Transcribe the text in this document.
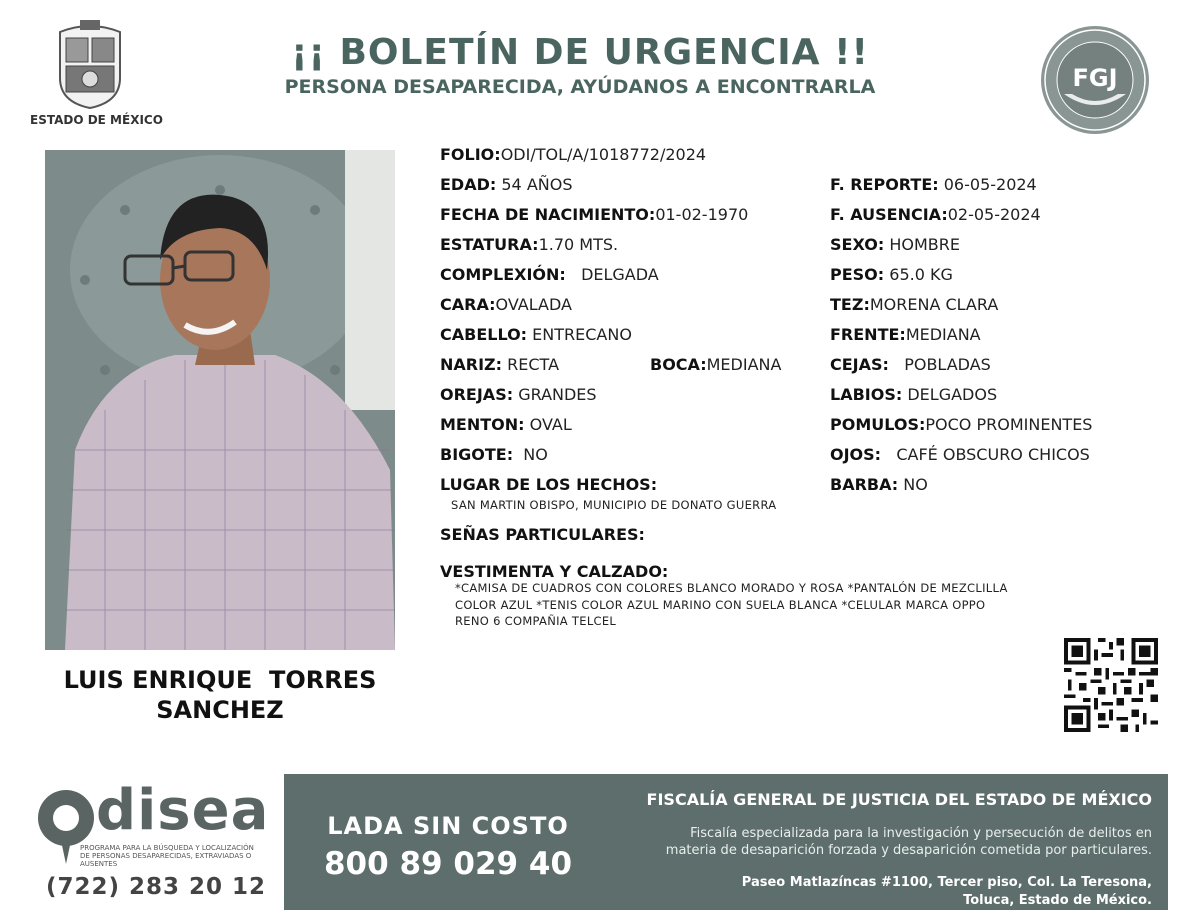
ESTADO DE MÉXICO
¡¡ BOLETÍN DE URGENCIA !!
PERSONA DESAPARECIDA, AYÚDANOS A ENCONTRARLA	FGJ
LUIS ENRIQUE  TORRES
SANCHEZ
FOLIO:ODI/TOL/A/1018772/2024
EDAD: 54 AÑOS	F. REPORTE: 06-05-2024
FECHA DE NACIMIENTO:01-02-1970	F. AUSENCIA:02-05-2024
ESTATURA:1.70 MTS.	SEXO: HOMBRE
COMPLEXIÓN: DELGADA	PESO: 65.0 KG
CARA:OVALADA	TEZ:MORENA CLARA
CABELLO: ENTRECANO	FRENTE:MEDIANA
NARIZ: RECTA	BOCA:MEDIANA	CEJAS: POBLADAS
OREJAS: GRANDES	LABIOS: DELGADOS
MENTON: OVAL	POMULOS:POCO PROMINENTES
BIGOTE: NO	OJOS: CAFÉ OBSCURO CHICOS
LUGAR DE LOS HECHOS:
SAN MARTIN OBISPO, MUNICIPIO DE DONATO GUERRA
BARBA: NO
SEÑAS PARTICULARES:
VESTIMENTA Y CALZADO:
*CAMISA DE CUADROS CON COLORES BLANCO MORADO Y ROSA *PANTALÓN DE MEZCLILLA
COLOR AZUL *TENIS COLOR AZUL MARINO CON SUELA BLANCA *CELULAR MARCA OPPO
RENO 6 COMPAÑIA TELCEL
disea
PROGRAMA PARA LA BÚSQUEDA Y LOCALIZACIÓN
DE PERSONAS DESAPARECIDAS, EXTRAVIADAS O
AUSENTES
(722) 283 20 12
LADA SIN COSTO
800 89 029 40
FISCALÍA GENERAL DE JUSTICIA DEL ESTADO DE MÉXICO
Fiscalía especializada para la investigación y persecución de delitos en
materia de desaparición forzada y desaparición cometida por particulares.
Paseo Matlazíncas #1100, Tercer piso, Col. La Teresona,
Toluca, Estado de México.
